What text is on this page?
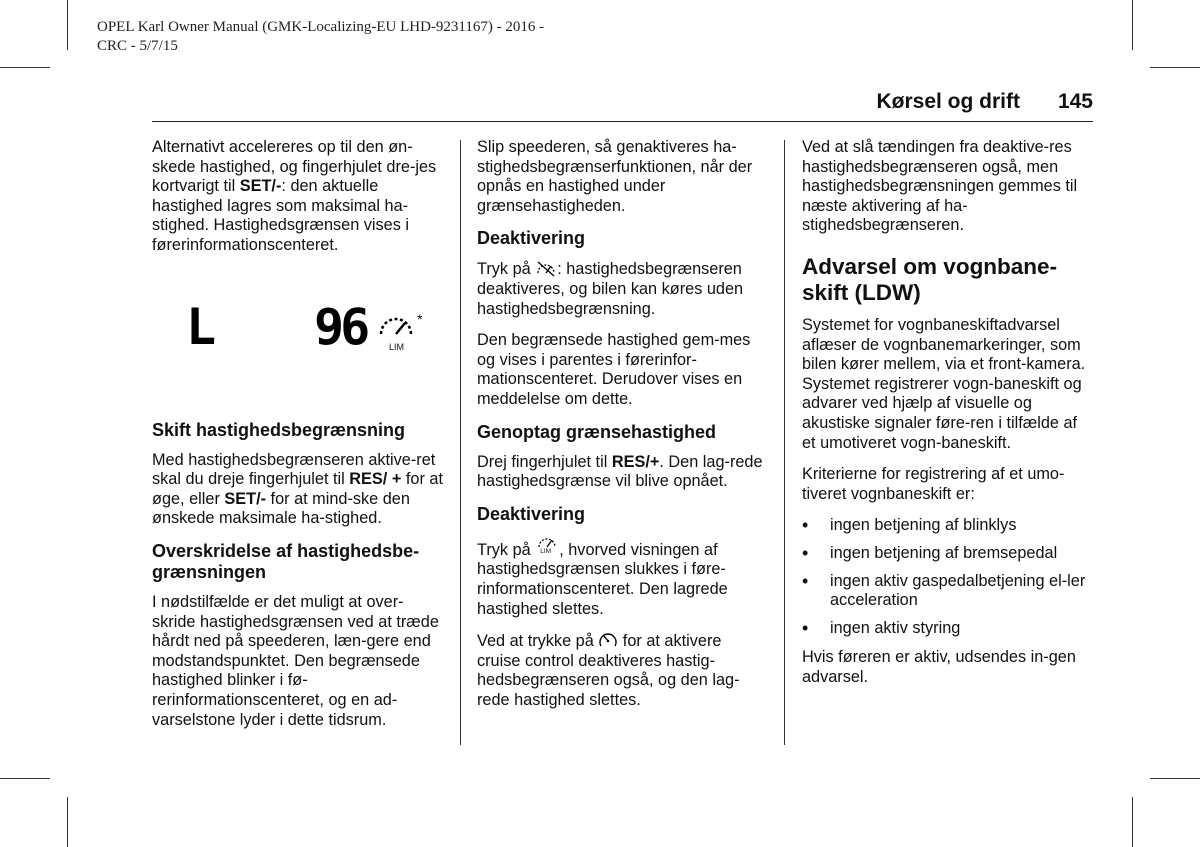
OPEL Karl Owner Manual (GMK-Localizing-EU LHD-9231167) - 2016 -
CRC - 5/7/15
Kørsel og drift	145

Alternativt accelereres op til den øn-skede hastighed, og fingerhjulet dre-jes kortvarigt til SET/-: den aktuelle hastighed lagres som maksimal ha-stighed. Hastighedsgrænsen vises i førerinformationscenteret.

L 96	*
LIM
Skift hastighedsbegrænsning

Med hastighedsbegrænseren aktive-ret skal du dreje fingerhjulet til RES/ + for at øge, eller SET/- for at mind-ske den ønskede maksimale ha-stighed.

Overskridelse af hastighedsbe-grænsningen

I nødstilfælde er det muligt at over-skride hastighedsgrænsen ved at træde hårdt ned på speederen, læn-gere end modstandspunktet. Den begrænsede hastighed blinker i fø-rerinformationscenteret, og en ad-varselstone lyder i dette tidsrum.

Slip speederen, så genaktiveres ha-stighedsbegrænserfunktionen, når der opnås en hastighed under grænsehastigheden.

Deaktivering

Tryk på : hastighedsbegrænseren deaktiveres, og bilen kan køres uden hastighedsbegrænsning.

Den begrænsede hastighed gem-mes og vises i parentes i førerinfor-mationscenteret. Derudover vises en meddelelse om dette.

Genoptag grænsehastighed

Drej fingerhjulet til RES/+. Den lag-rede hastighedsgrænse vil blive opnået.

Deaktivering

Tryk på LIM , hvorved visningen af hastighedsgrænsen slukkes i føre-rinformationscenteret. Den lagrede hastighed slettes.

Ved at trykke på  for at aktivere cruise control deaktiveres hastig-hedsbegrænseren også, og den lag-rede hastighed slettes.

Ved at slå tændingen fra deaktive-res hastighedsbegrænseren også, men hastighedsbegrænsningen gemmes til næste aktivering af ha-stighedsbegrænseren.

Advarsel om vognbane-skift (LDW)

Systemet for vognbaneskiftadvarsel aflæser de vognbanemarkeringer, som bilen kører mellem, via et front-kamera. Systemet registrerer vogn-baneskift og advarer ved hjælp af visuelle og akustiske signaler føre-ren i tilfælde af et umotiveret vogn-baneskift.

Kriterierne for registrering af et umo-tiveret vognbaneskift er:

• ingen betjening af blinklys
• ingen betjening af bremsepedal
• ingen aktiv gaspedalbetjening el-ler acceleration
• ingen aktiv styring

Hvis føreren er aktiv, udsendes in-gen advarsel.
